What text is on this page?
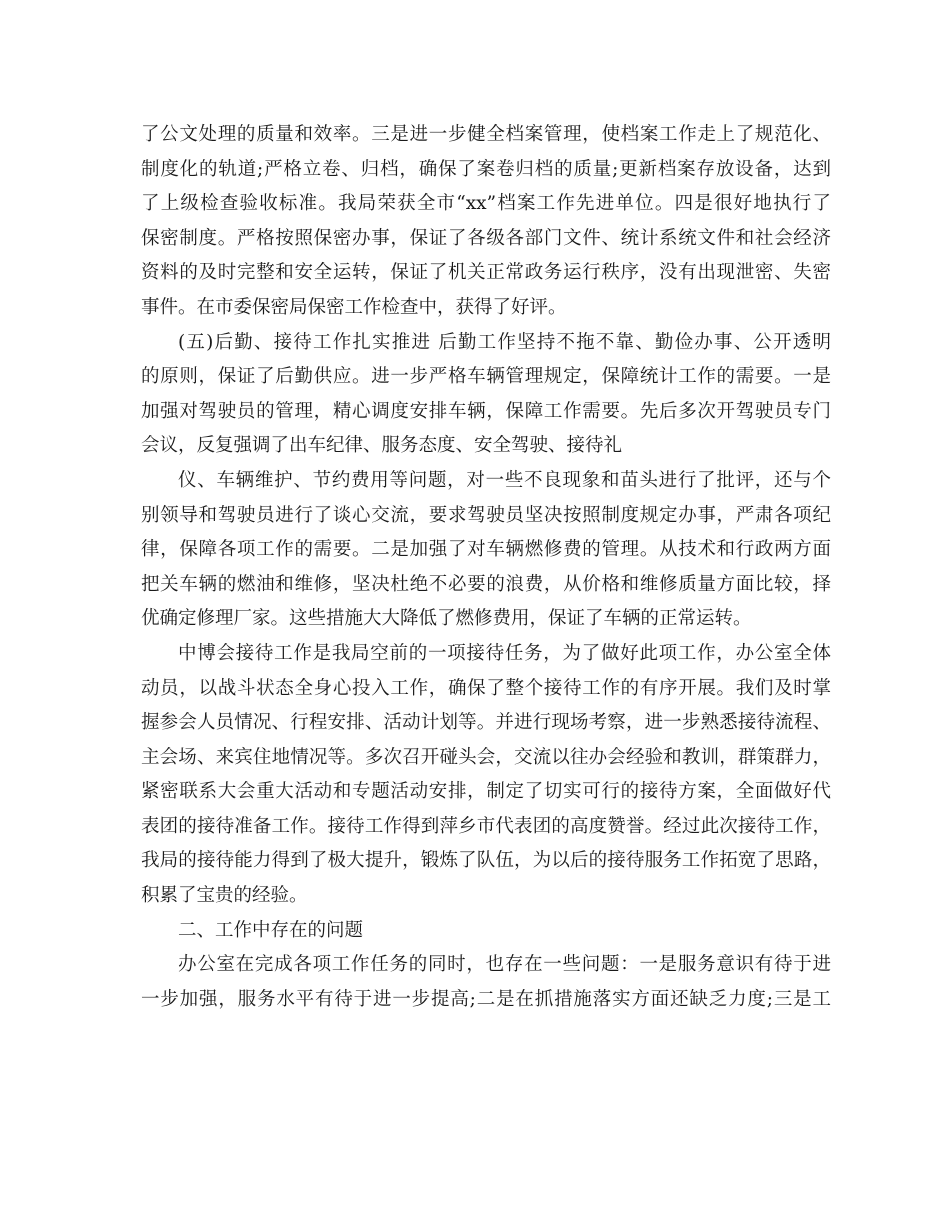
了公文处理的质量和效率。三是进一步健全档案管理，使档案工作走上了规范化、
制度化的轨道;严格立卷、归档，确保了案卷归档的质量;更新档案存放设备，达到
了上级检查验收标准。我局荣获全市“xx”档案工作先进单位。四是很好地执行了
保密制度。严格按照保密办事，保证了各级各部门文件、统计系统文件和社会经济
资料的及时完整和安全运转，保证了机关正常政务运行秩序，没有出现泄密、失密
事件。在市委保密局保密工作检查中，获得了好评。
(五)后勤、接待工作扎实推进 后勤工作坚持不拖不靠、勤俭办事、公开透明
的原则，保证了后勤供应。进一步严格车辆管理规定，保障统计工作的需要。一是
加强对驾驶员的管理，精心调度安排车辆，保障工作需要。先后多次开驾驶员专门
会议，反复强调了出车纪律、服务态度、安全驾驶、接待礼
仪、车辆维护、节约费用等问题，对一些不良现象和苗头进行了批评，还与个
别领导和驾驶员进行了谈心交流，要求驾驶员坚决按照制度规定办事，严肃各项纪
律，保障各项工作的需要。二是加强了对车辆燃修费的管理。从技术和行政两方面
把关车辆的燃油和维修，坚决杜绝不必要的浪费，从价格和维修质量方面比较，择
优确定修理厂家。这些措施大大降低了燃修费用，保证了车辆的正常运转。
中博会接待工作是我局空前的一项接待任务，为了做好此项工作，办公室全体
动员，以战斗状态全身心投入工作，确保了整个接待工作的有序开展。我们及时掌
握参会人员情况、行程安排、活动计划等。并进行现场考察，进一步熟悉接待流程、
主会场、来宾住地情况等。多次召开碰头会，交流以往办会经验和教训，群策群力，
紧密联系大会重大活动和专题活动安排，制定了切实可行的接待方案，全面做好代
表团的接待准备工作。接待工作得到萍乡市代表团的高度赞誉。经过此次接待工作，
我局的接待能力得到了极大提升，锻炼了队伍，为以后的接待服务工作拓宽了思路，
积累了宝贵的经验。
二、工作中存在的问题
办公室在完成各项工作任务的同时，也存在一些问题：一是服务意识有待于进
一步加强，服务水平有待于进一步提高;二是在抓措施落实方面还缺乏力度;三是工
